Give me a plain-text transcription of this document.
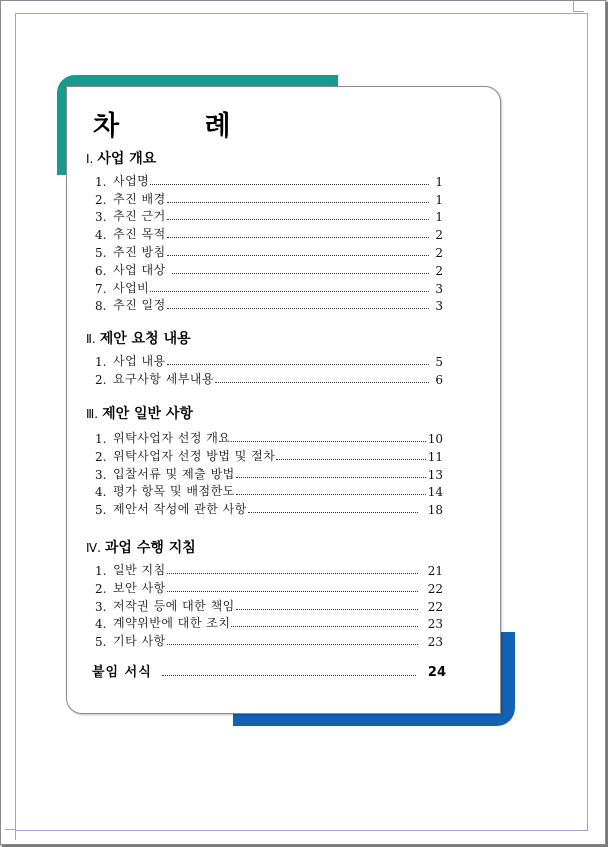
차 례
Ⅰ. 사업 개요
1. 사업명	1
2. 추진 배경	1
3. 추진 근거	1
4. 추진 목적	2
5. 추진 방침	2
6. 사업 대상	2
7. 사업비	3
8. 추진 일정	3
Ⅱ. 제안 요청 내용
1. 사업 내용	5
2. 요구사항 세부내용	6
Ⅲ. 제안 일반 사항
1. 위탁사업자 선정 개요	10
2. 위탁사업자 선정 방법 및 절차	11
3. 입찰서류 및 제출 방법	13
4. 평가 항목 및 배점한도	14
5. 제안서 작성에 관한 사항	18
Ⅳ. 과업 수행 지침
1. 일반 지침	21
2. 보안 사항	22
3. 저작권 등에 대한 책임	22
4. 계약위반에 대한 조치	23
5. 기타 사항	23
붙임 서식	24
